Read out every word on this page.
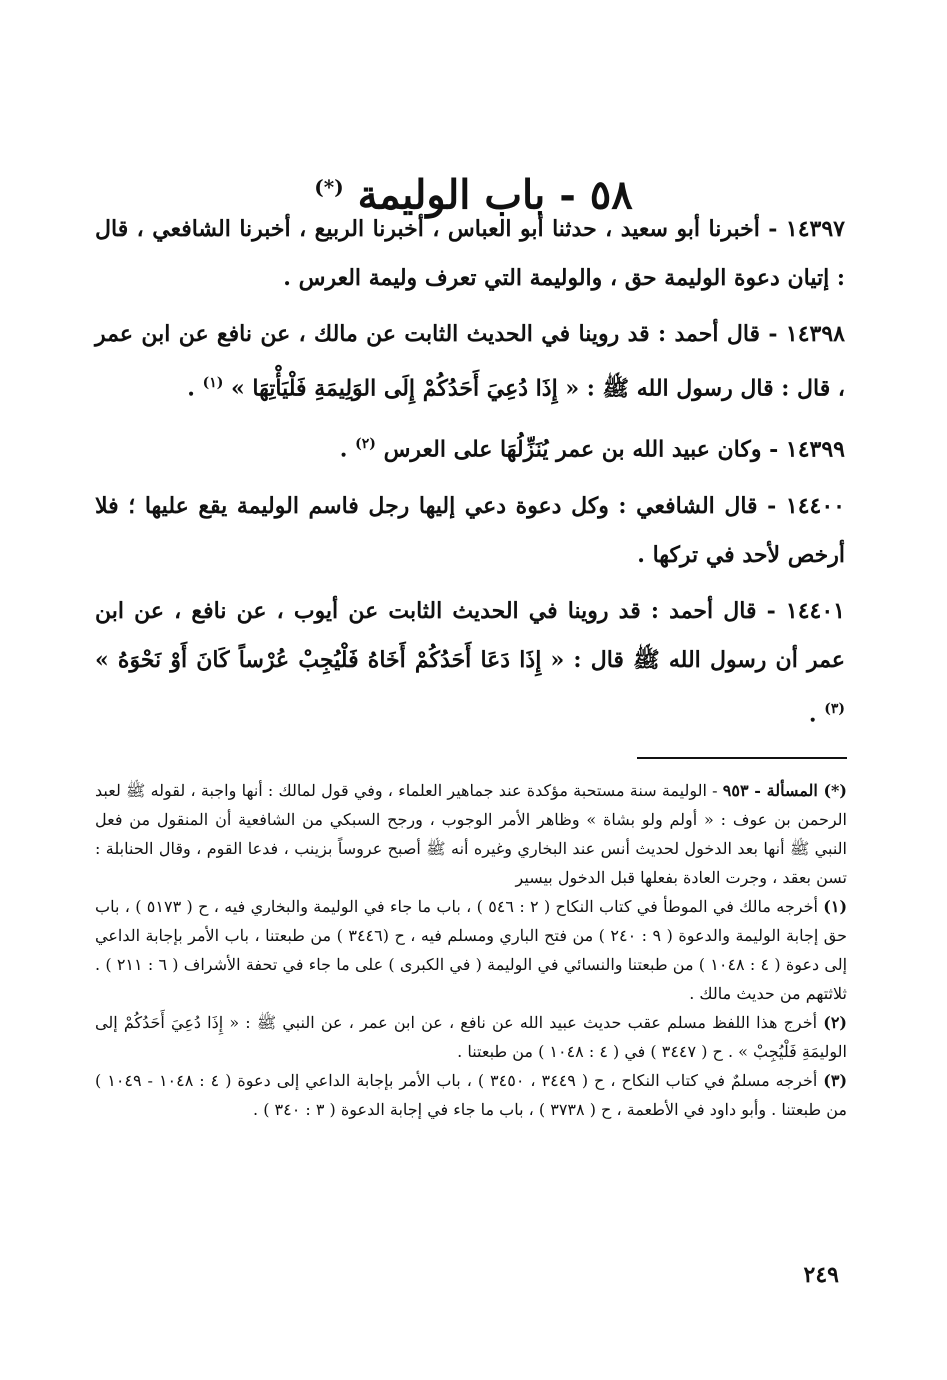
٥٨ - باب الوليمة (*)

١٤٣٩٧ - أخبرنا أبو سعيد ، حدثنا أبو العباس ، أخبرنا الربيع ، أخبرنا الشافعي ، قال : إتيان دعوة الوليمة حق ، والوليمة التي تعرف وليمة العرس .

١٤٣٩٨ - قال أحمد : قد روينا في الحديث الثابت عن مالك ، عن نافع عن ابن عمر ، قال : قال رسول الله ﷺ : « إِذَا دُعِيَ أَحَدُكُمْ إِلَى الوَلِيمَةِ فَلْيَأْتِهَا » $^{(١)}$ .

١٤٣٩٩ - وكان عبيد الله بن عمر يُنَزِّلُهَا على العرس $^{(٢)}$ .

١٤٤٠٠ - قال الشافعي : وكل دعوة دعي إليها رجل فاسم الوليمة يقع عليها ؛ فلا أرخص لأحد في تركها .

١٤٤٠١ - قال أحمد : قد روينا في الحديث الثابت عن أيوب ، عن نافع ، عن ابن عمر أن رسول الله ﷺ قال : « إِذَا دَعَا أَحَدُكُمْ أَخَاهُ فَلْيُجِبْ عُرْساً كَانَ أَوْ نَحْوَهُ » $^{(٣)}$ .

(*) المسألة - ٩٥٣ - الوليمة سنة مستحبة مؤكدة عند جماهير العلماء ، وفي قول لمالك : أنها واجبة ، لقوله ﷺ لعبد الرحمن بن عوف : « أولم ولو بشاة » وظاهر الأمر الوجوب ، ورجح السبكي من الشافعية أن المنقول من فعل النبي ﷺ أنها بعد الدخول لحديث أنس عند البخاري وغيره أنه ﷺ أصبح عروساً بزينب ، فدعا القوم ، وقال الحنابلة : تسن بعقد ، وجرت العادة بفعلها قبل الدخول بيسير

(١) أخرجه مالك في الموطأ في كتاب النكاح ( ٢ : ٥٤٦ ) ، باب ما جاء في الوليمة والبخاري فيه ، ح ( ٥١٧٣ ) ، باب حق إجابة الوليمة والدعوة ( ٩ : ٢٤٠ ) من فتح الباري ومسلم فيه ، ح (٣٤٤٦ ) من طبعتنا ، باب الأمر بإجابة الداعي إلى دعوة ( ٤ : ١٠٤٨ ) من طبعتنا والنسائي في الوليمة ( في الكبرى ) على ما جاء في تحفة الأشراف ( ٦ : ٢١١ ) . ثلاثتهم من حديث مالك .

(٢) أخرج هذا اللفظ مسلم عقب حديث عبيد الله عن نافع ، عن ابن عمر ، عن النبي ﷺ : « إِذَا دُعِيَ أَحَدُكُمْ إلى الوليمَةِ فَلْيُجِبْ » . ح ( ٣٤٤٧ ) في ( ٤ : ١٠٤٨ ) من طبعتنا .

(٣) أخرجه مسلمٌ في كتاب النكاح ، ح ( ٣٤٤٩ ، ٣٤٥٠ ) ، باب الأمر بإجابة الداعي إلى دعوة ( ٤ : ١٠٤٨ - ١٠٤٩ ) من طبعتنا . وأبو داود في الأطعمة ، ح ( ٣٧٣٨ ) ، باب ما جاء في إجابة الدعوة ( ٣ : ٣٤٠ ) .

٢٤٩
